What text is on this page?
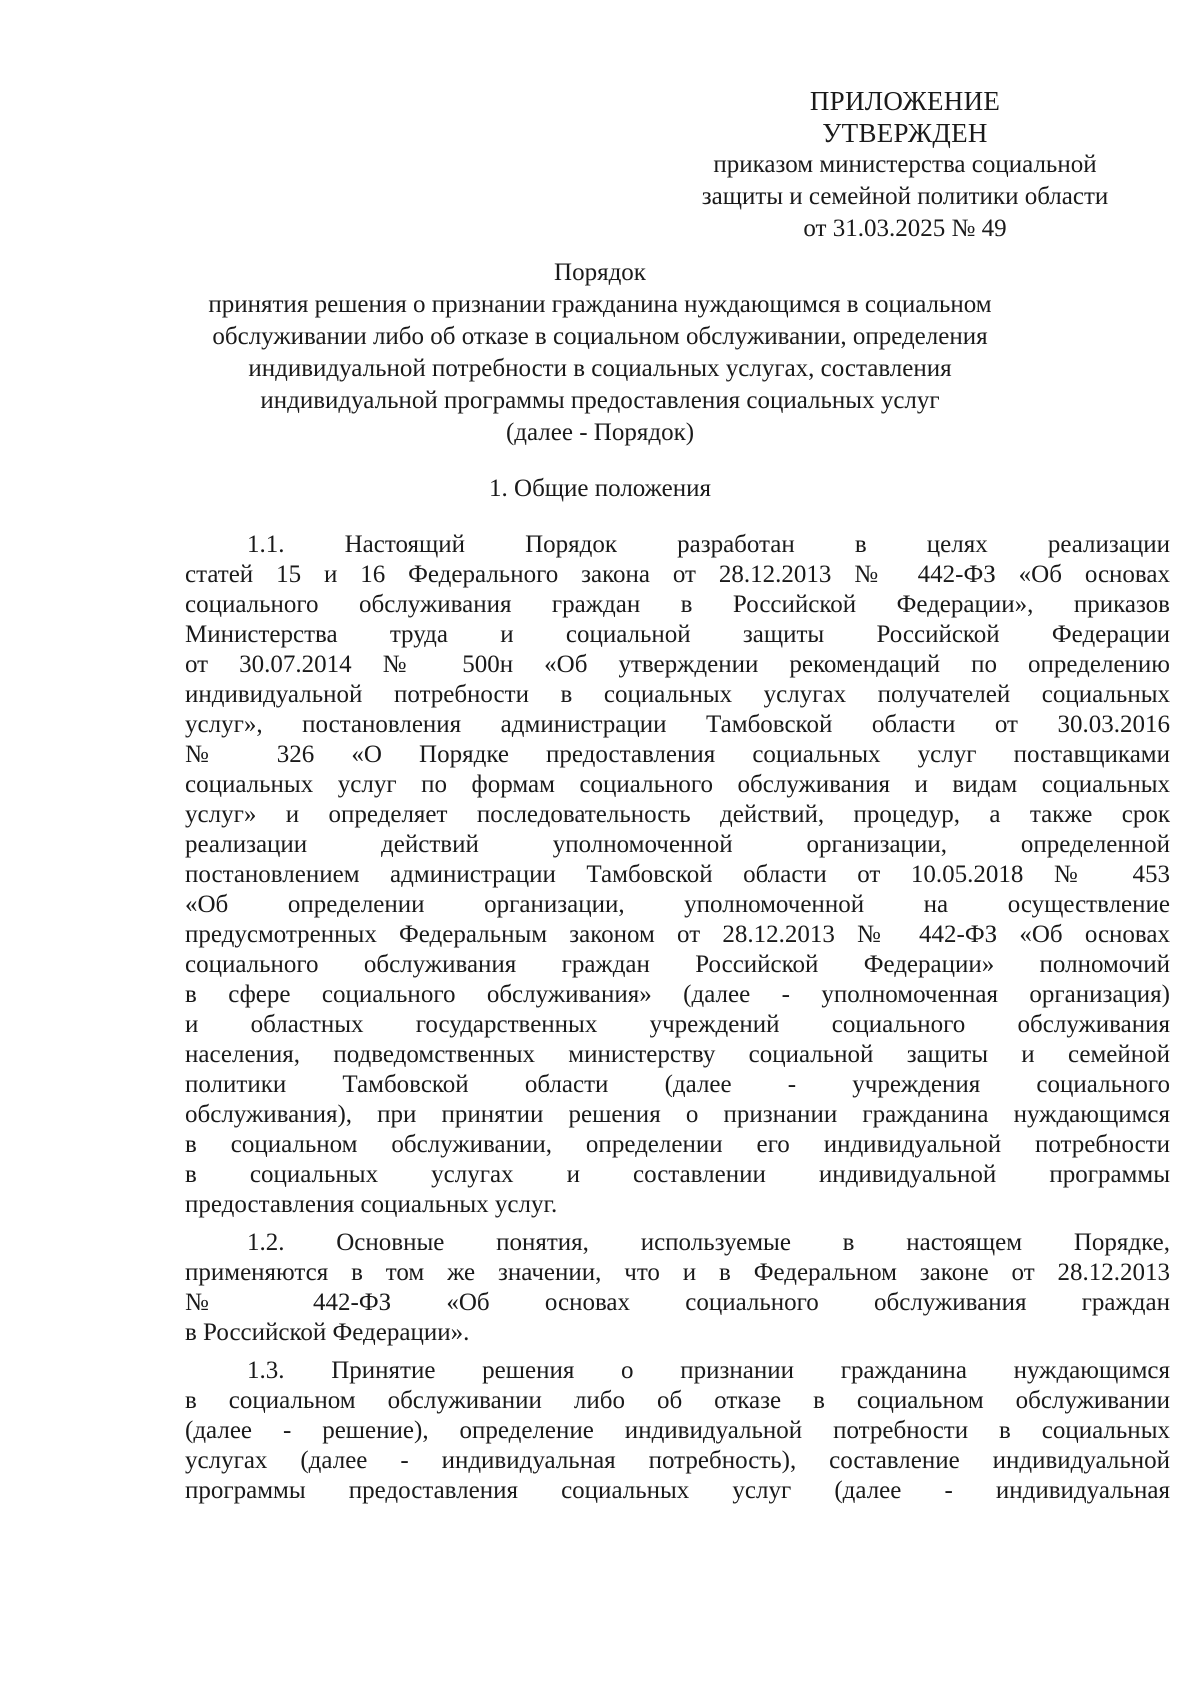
ПРИЛОЖЕНИЕ
УТВЕРЖДЕН
приказом министерства социальной
защиты и семейной политики области
от 31.03.2025 № 49
Порядок
принятия решения о признании гражданина нуждающимся в социальном
обслуживании либо об отказе в социальном обслуживании, определения
индивидуальной потребности в социальных услугах, составления
индивидуальной программы предоставления социальных услуг
(далее - Порядок)
1. Общие положения
1.1. Настоящий Порядок разработан в целях реализации
статей 15 и 16 Федерального закона от 28.12.2013 № 442-ФЗ «Об основах
социального обслуживания граждан в Российской Федерации», приказов
Министерства труда и социальной защиты Российской Федерации
от 30.07.2014 № 500н «Об утверждении рекомендаций по определению
индивидуальной потребности в социальных услугах получателей социальных
услуг», постановления администрации Тамбовской области от 30.03.2016
№ 326 «О Порядке предоставления социальных услуг поставщиками
социальных услуг по формам социального обслуживания и видам социальных
услуг» и определяет последовательность действий, процедур, а также срок
реализации действий уполномоченной организации, определенной
постановлением администрации Тамбовской области от 10.05.2018 № 453
«Об определении организации, уполномоченной на осуществление
предусмотренных Федеральным законом от 28.12.2013 № 442-ФЗ «Об основах
социального обслуживания граждан Российской Федерации» полномочий
в сфере социального обслуживания» (далее - уполномоченная организация)
и областных государственных учреждений социального обслуживания
населения, подведомственных министерству социальной защиты и семейной
политики Тамбовской области (далее - учреждения социального
обслуживания), при принятии решения о признании гражданина нуждающимся
в социальном обслуживании, определении его индивидуальной потребности
в социальных услугах и составлении индивидуальной программы
предоставления социальных услуг.
1.2. Основные понятия, используемые в настоящем Порядке,
применяются в том же значении, что и в Федеральном законе от 28.12.2013
№ 442-ФЗ «Об основах социального обслуживания граждан
в Российской Федерации».
1.3. Принятие решения о признании гражданина нуждающимся
в социальном обслуживании либо об отказе в социальном обслуживании
(далее - решение), определение индивидуальной потребности в социальных
услугах (далее - индивидуальная потребность), составление индивидуальной
программы предоставления социальных услуг (далее - индивидуальная
